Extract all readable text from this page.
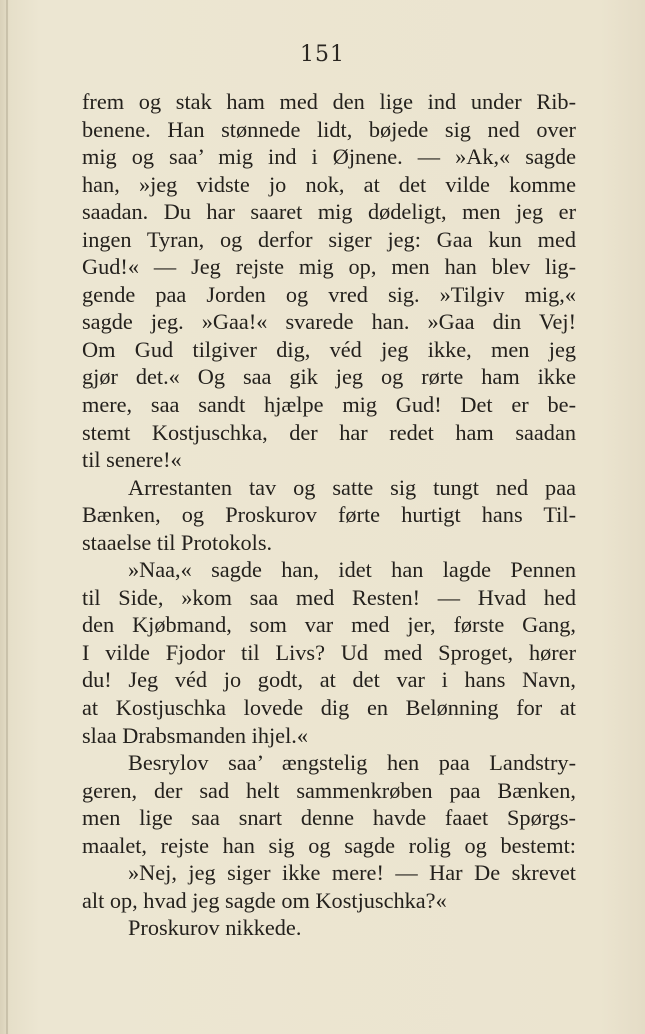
151
frem og stak ham med den lige ind under Rib-
benene. Han stønnede lidt, bøjede sig ned over
mig og saa’ mig ind i Øjnene. — »Ak,« sagde
han, »jeg vidste jo nok, at det vilde komme
saadan. Du har saaret mig dødeligt, men jeg er
ingen Tyran, og derfor siger jeg: Gaa kun med
Gud!« — Jeg rejste mig op, men han blev lig-
gende paa Jorden og vred sig. »Tilgiv mig,«
sagde jeg. »Gaa!« svarede han. »Gaa din Vej!
Om Gud tilgiver dig, véd jeg ikke, men jeg
gjør det.« Og saa gik jeg og rørte ham ikke
mere, saa sandt hjælpe mig Gud! Det er be-
stemt Kostjuschka, der har redet ham saadan
til senere!«
Arrestanten tav og satte sig tungt ned paa
Bænken, og Proskurov førte hurtigt hans Til-
staaelse til Protokols.
»Naa,« sagde han, idet han lagde Pennen
til Side, »kom saa med Resten! — Hvad hed
den Kjøbmand, som var med jer, første Gang,
I vilde Fjodor til Livs? Ud med Sproget, hører
du! Jeg véd jo godt, at det var i hans Navn,
at Kostjuschka lovede dig en Belønning for at
slaa Drabsmanden ihjel.«
Besrylov saa’ ængstelig hen paa Landstry-
geren, der sad helt sammenkrøben paa Bænken,
men lige saa snart denne havde faaet Spørgs-
maalet, rejste han sig og sagde rolig og bestemt:
»Nej, jeg siger ikke mere! — Har De skrevet
alt op, hvad jeg sagde om Kostjuschka?«
Proskurov nikkede.
